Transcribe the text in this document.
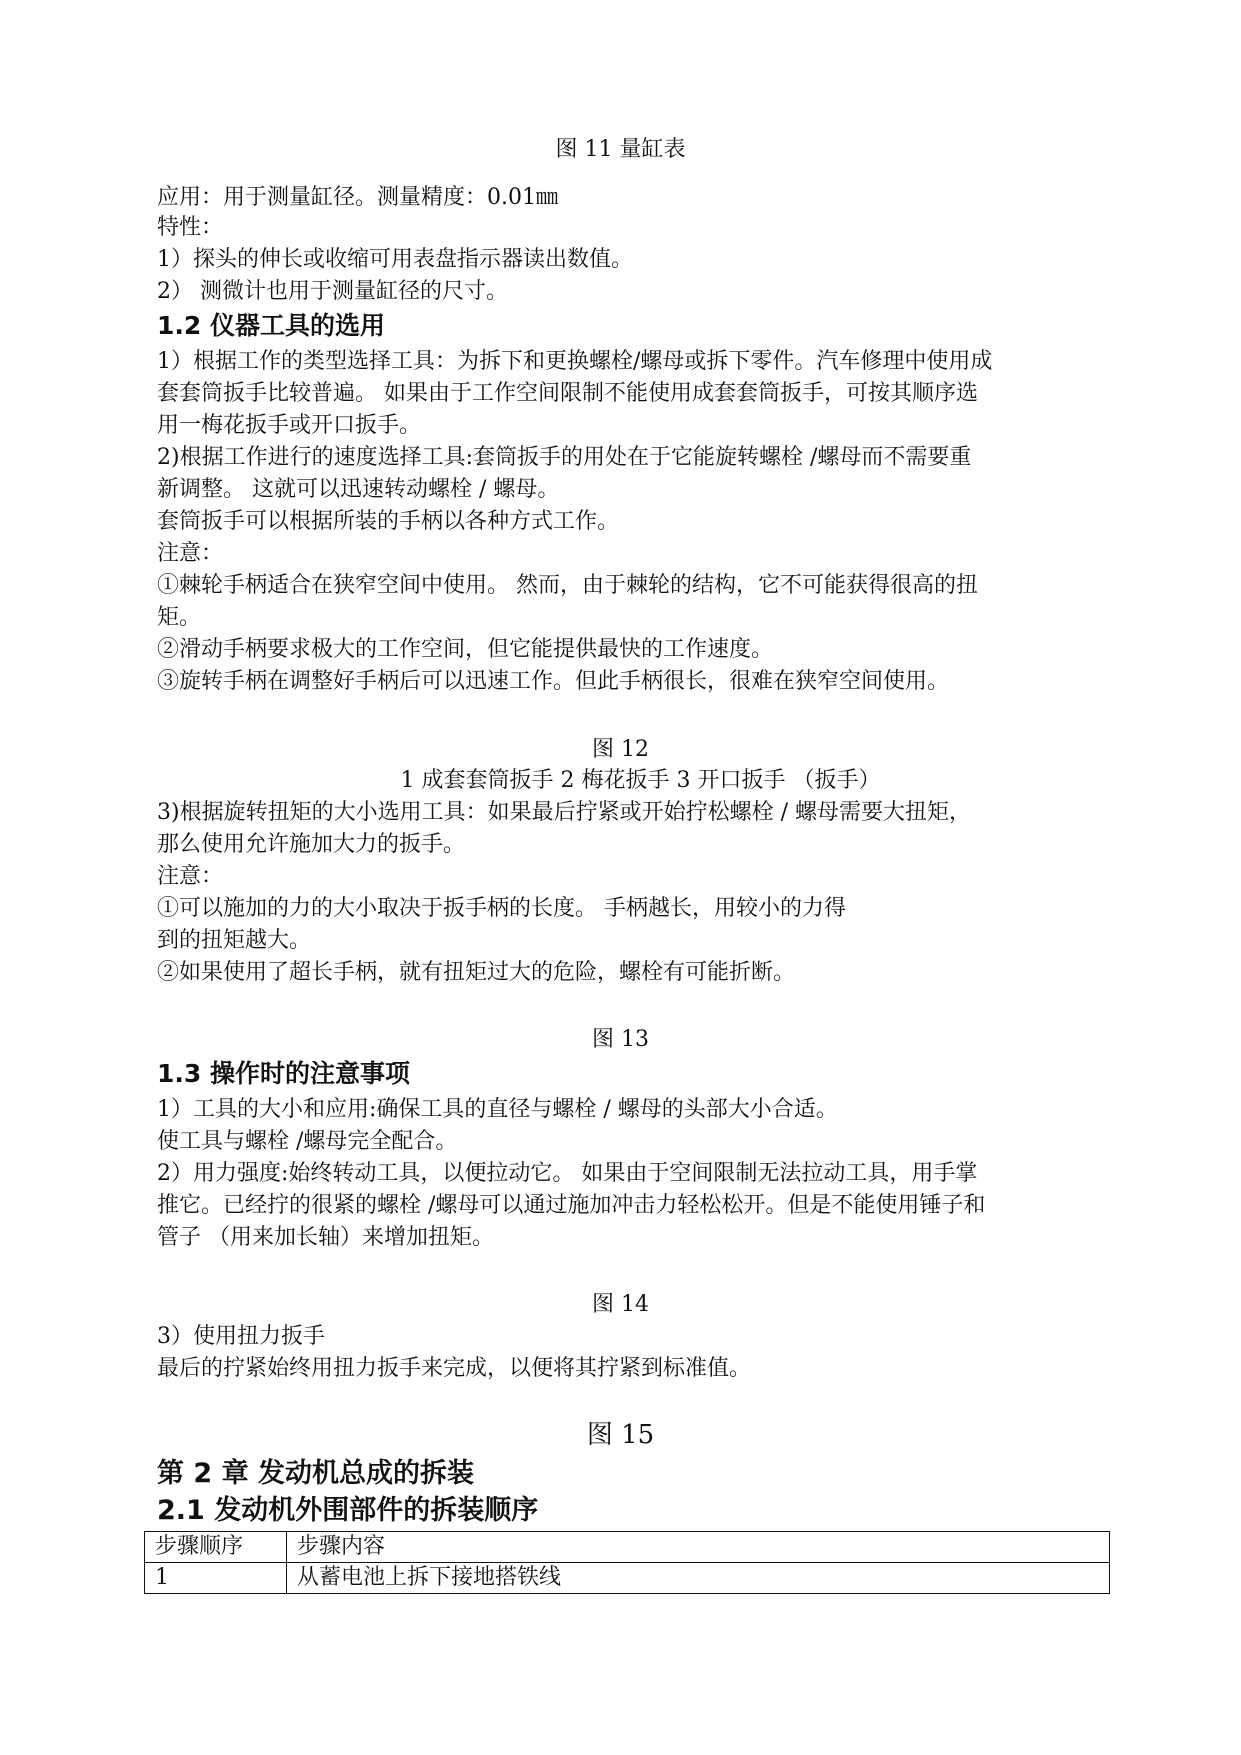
图 11 量缸表
应用：用于测量缸径。测量精度：0.01㎜
特性：
1）探头的伸长或收缩可用表盘指示器读出数值。
2） 测微计也用于测量缸径的尺寸。
1.2 仪器工具的选用
1）根据工作的类型选择工具：为拆下和更换螺栓/螺母或拆下零件。汽车修理中使用成
套套筒扳手比较普遍。 如果由于工作空间限制不能使用成套套筒扳手，可按其顺序选
用一梅花扳手或开口扳手。
2)根据工作进行的速度选择工具:套筒扳手的用处在于它能旋转螺栓 /螺母而不需要重
新调整。 这就可以迅速转动螺栓 / 螺母。
套筒扳手可以根据所装的手柄以各种方式工作。
注意：
①棘轮手柄适合在狭窄空间中使用。 然而，由于棘轮的结构，它不可能获得很高的扭
矩。
②滑动手柄要求极大的工作空间，但它能提供最快的工作速度。
③旋转手柄在调整好手柄后可以迅速工作。但此手柄很长，很难在狭窄空间使用。
图 12
1 成套套筒扳手 2 梅花扳手 3 开口扳手 （扳手）
3)根据旋转扭矩的大小选用工具：如果最后拧紧或开始拧松螺栓 / 螺母需要大扭矩，
那么使用允许施加大力的扳手。
注意：
①可以施加的力的大小取决于扳手柄的长度。 手柄越长，用较小的力得
到的扭矩越大。
②如果使用了超长手柄，就有扭矩过大的危险，螺栓有可能折断。
图 13
1.3 操作时的注意事项
1）工具的大小和应用:确保工具的直径与螺栓 / 螺母的头部大小合适。
使工具与螺栓 /螺母完全配合。
2）用力强度:始终转动工具，以便拉动它。 如果由于空间限制无法拉动工具，用手掌
推它。已经拧的很紧的螺栓 /螺母可以通过施加冲击力轻松松开。但是不能使用锤子和
管子 （用来加长轴）来增加扭矩。
图 14
3）使用扭力扳手
最后的拧紧始终用扭力扳手来完成，以便将其拧紧到标准值。
图 15
第 2 章 发动机总成的拆装
2.1 发动机外围部件的拆装顺序
步骤顺序	步骤内容
1	从蓄电池上拆下接地搭铁线
